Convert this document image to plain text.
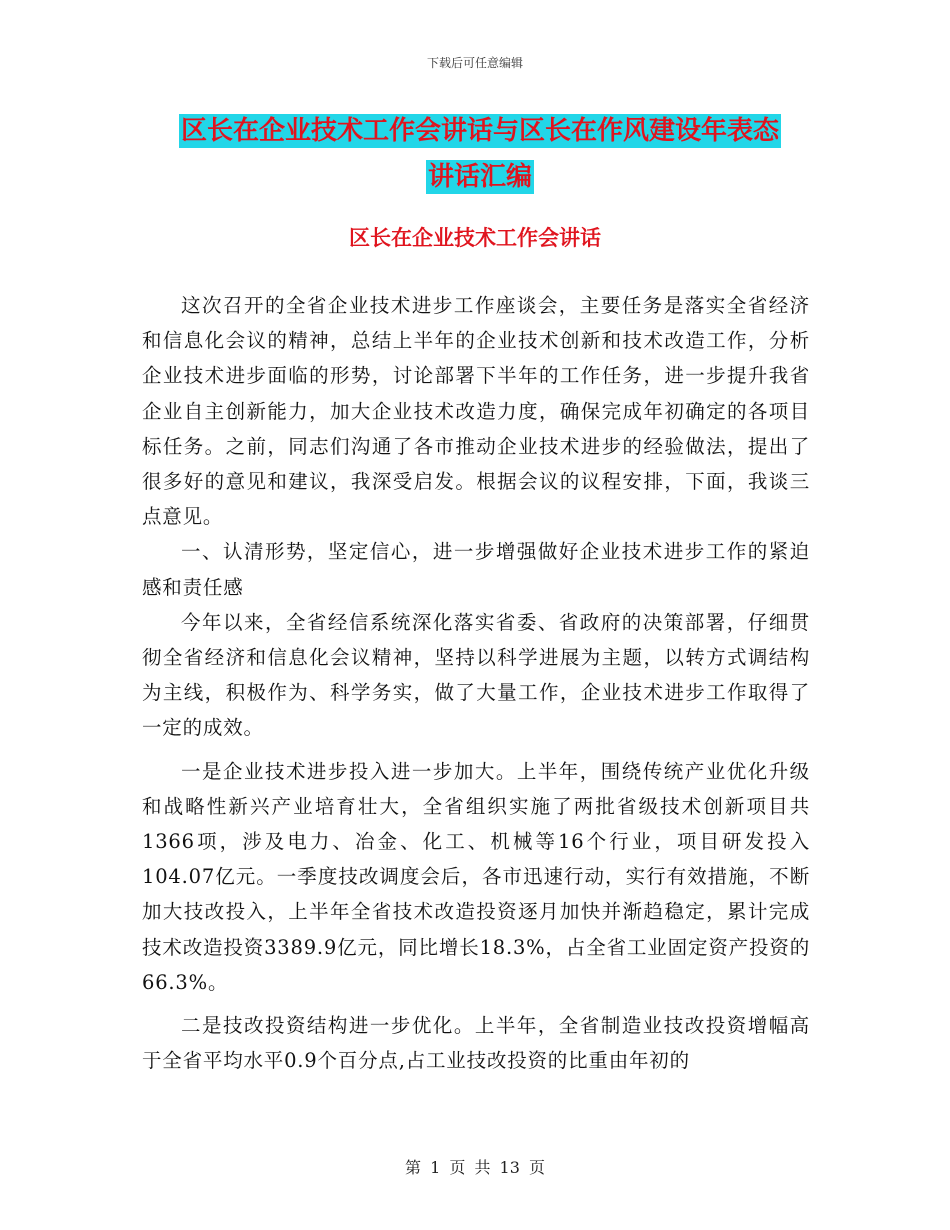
下载后可任意编辑
区长在企业技术工作会讲话与区长在作风建设年表态
讲话汇编
区长在企业技术工作会讲话

这次召开的全省企业技术进步工作座谈会，主要任务是落实全省经济和信息化会议的精神，总结上半年的企业技术创新和技术改造工作，分析企业技术进步面临的形势，讨论部署下半年的工作任务，进一步提升我省企业自主创新能力，加大企业技术改造力度，确保完成年初确定的各项目标任务。之前，同志们沟通了各市推动企业技术进步的经验做法，提出了很多好的意见和建议，我深受启发。根据会议的议程安排，下面，我谈三点意见。

一、认清形势，坚定信心，进一步增强做好企业技术进步工作的紧迫感和责任感

今年以来，全省经信系统深化落实省委、省政府的决策部署，仔细贯彻全省经济和信息化会议精神，坚持以科学进展为主题，以转方式调结构为主线，积极作为、科学务实，做了大量工作，企业技术进步工作取得了一定的成效。

一是企业技术进步投入进一步加大。上半年，围绕传统产业优化升级和战略性新兴产业培育壮大，全省组织实施了两批省级技术创新项目共1366项，涉及电力、冶金、化工、机械等16个行业，项目研发投入104.07亿元。一季度技改调度会后，各市迅速行动，实行有效措施，不断加大技改投入，上半年全省技术改造投资逐月加快并渐趋稳定，累计完成技术改造投资3389.9亿元，同比增长18.3%，占全省工业固定资产投资的66.3%。

二是技改投资结构进一步优化。上半年，全省制造业技改投资增幅高于全省平均水平0.9个百分点,占工业技改投资的比重由年初的

第 1 页 共 13 页
